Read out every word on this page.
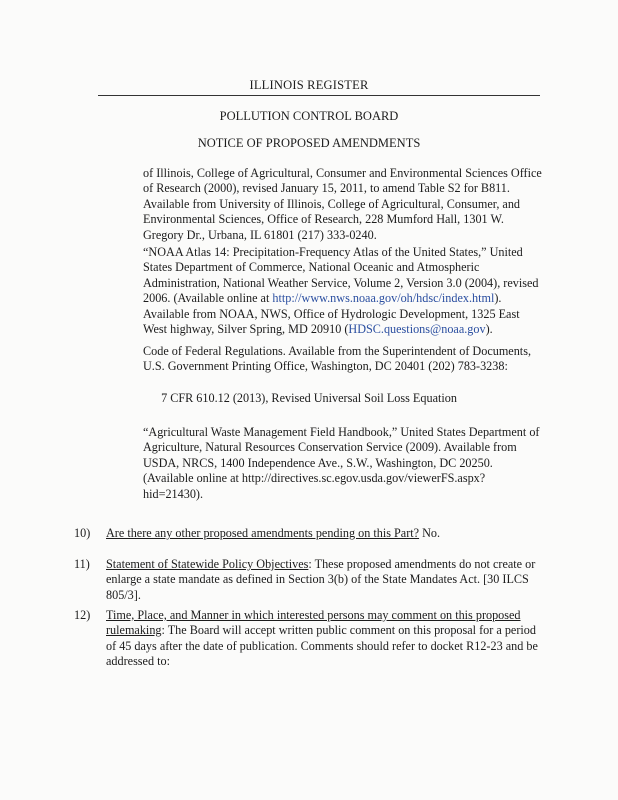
ILLINOIS REGISTER
POLLUTION CONTROL BOARD
NOTICE OF PROPOSED AMENDMENTS
of Illinois, College of Agricultural, Consumer and Environmental Sciences Office of Research (2000), revised January 15, 2011, to amend Table S2 for B811. Available from University of Illinois, College of Agricultural, Consumer, and Environmental Sciences, Office of Research, 228 Mumford Hall, 1301 W. Gregory Dr., Urbana, IL 61801 (217) 333-0240.
“NOAA Atlas 14: Precipitation-Frequency Atlas of the United States,” United States Department of Commerce, National Oceanic and Atmospheric Administration, National Weather Service, Volume 2, Version 3.0 (2004), revised 2006. (Available online at http://www.nws.noaa.gov/oh/hdsc/index.html). Available from NOAA, NWS, Office of Hydrologic Development, 1325 East West highway, Silver Spring, MD 20910 (HDSC.questions@noaa.gov).
Code of Federal Regulations. Available from the Superintendent of Documents, U.S. Government Printing Office, Washington, DC 20401 (202) 783-3238:
7 CFR 610.12 (2013), Revised Universal Soil Loss Equation
“Agricultural Waste Management Field Handbook,” United States Department of Agriculture, Natural Resources Conservation Service (2009). Available from USDA, NRCS, 1400 Independence Ave., S.W., Washington, DC 20250. (Available online at http://directives.sc.egov.usda.gov/viewerFS.aspx?hid=21430).
10) Are there any other proposed amendments pending on this Part? No.
11) Statement of Statewide Policy Objectives: These proposed amendments do not create or enlarge a state mandate as defined in Section 3(b) of the State Mandates Act. [30 ILCS 805/3].
12) Time, Place, and Manner in which interested persons may comment on this proposed rulemaking: The Board will accept written public comment on this proposal for a period of 45 days after the date of publication. Comments should refer to docket R12-23 and be addressed to:
